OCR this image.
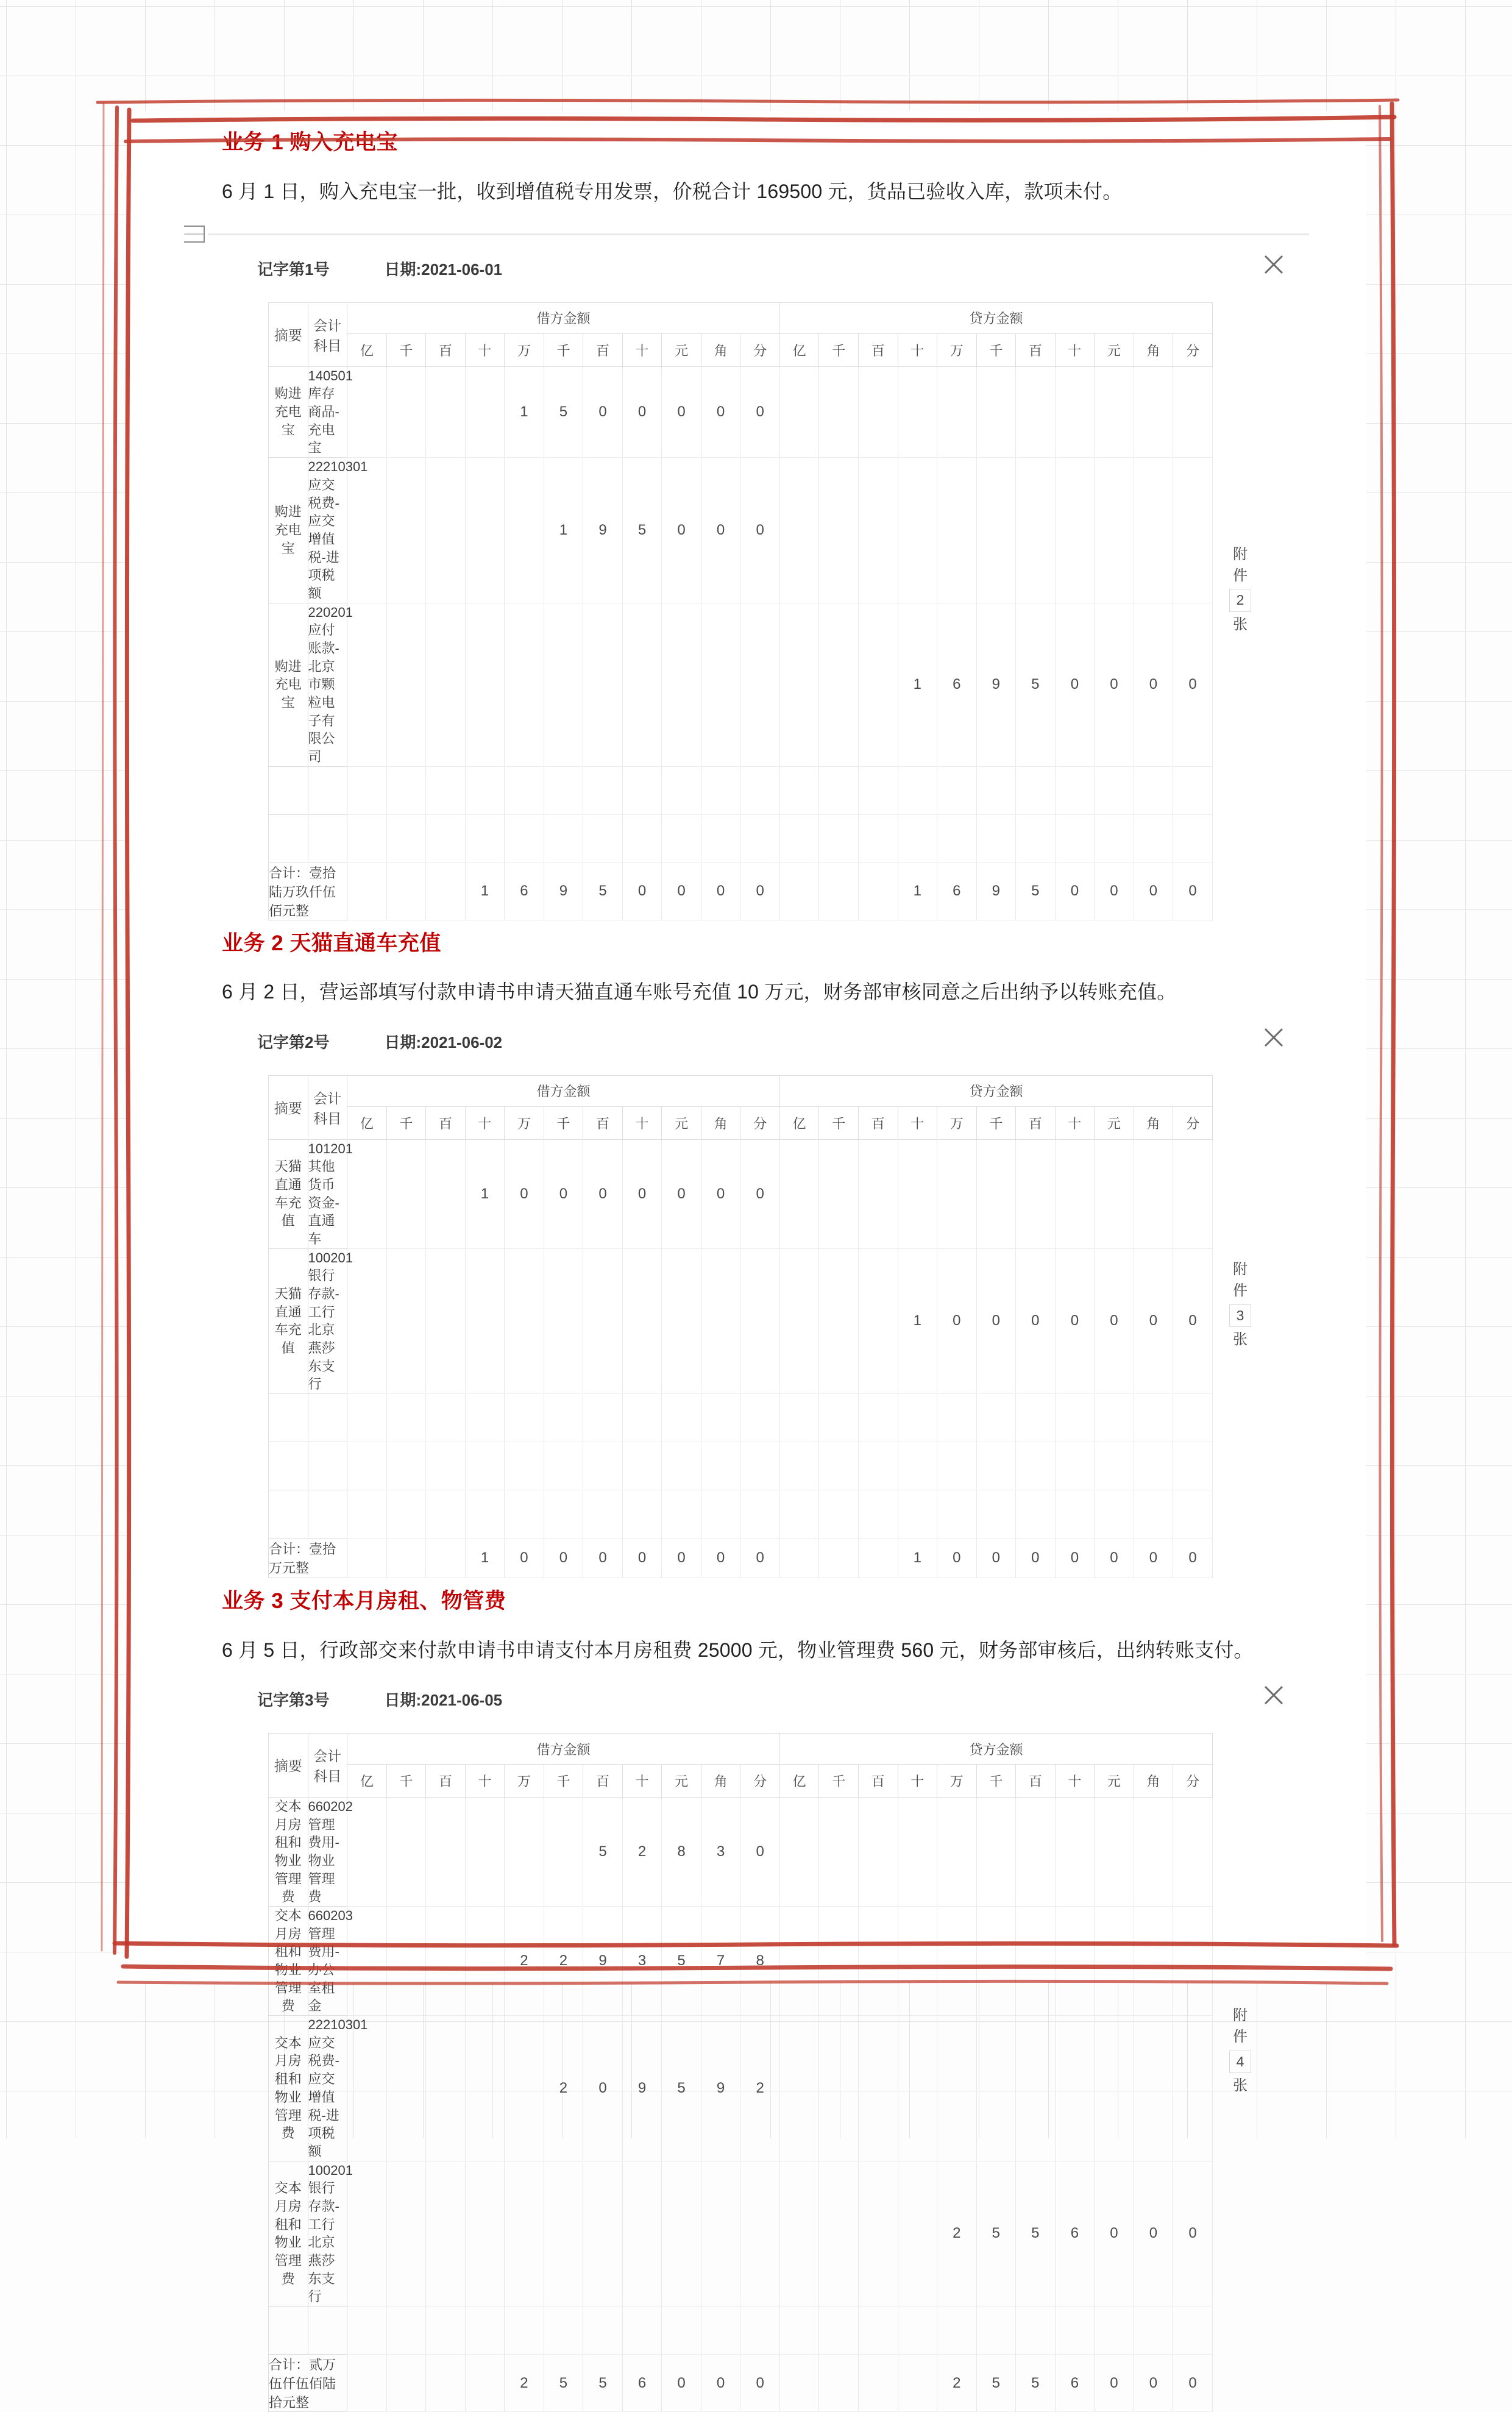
业务 1 购入充电宝
6 月 1 日，购入充电宝一批，收到增值税专用发票，价税合计 169500 元，货品已验收入库，款项未付。
记字第1号	日期:2021-06-01
摘要	会计科目	借方金额											贷方金额										
		亿	千	百	十	万	千	百	十	元	角	分	亿	千	百	十	万	千	百	十	元	角	分
购进充电宝	140501库存商品-充电宝					1	5	0	0	0	0	0											
购进充电宝	22210301应交税费-应交增值税-进项税额						1	9	5	0	0	0											
购进充电宝	220201应付账款-北京市颗粒电子有限公司															1	6	9	5	0	0	0	0

合计：壹拾陆万玖仟伍佰元整					1	6	9	5	0	0	0	0				1	6	9	5	0	0	0	0
附
件
2
张
业务 2 天猫直通车充值
6 月 2 日，营运部填写付款申请书申请天猫直通车账号充值 10 万元，财务部审核同意之后出纳予以转账充值。
记字第2号	日期:2021-06-02
摘要	会计科目	借方金额											贷方金额										
		亿	千	百	十	万	千	百	十	元	角	分	亿	千	百	十	万	千	百	十	元	角	分
天猫直通车充值	101201其他货币资金-直通车				1	0	0	0	0	0	0	0											
天猫直通车充值	100201银行存款-工行北京燕莎东支行															1	0	0	0	0	0	0	0

合计：壹拾万元整					1	0	0	0	0	0	0	0				1	0	0	0	0	0	0	0
附
件
3
张
业务 3 支付本月房租、物管费
6 月 5 日，行政部交来付款申请书申请支付本月房租费 25000 元，物业管理费 560 元，财务部审核后，出纳转账支付。
记字第3号	日期:2021-06-05
摘要	会计科目	借方金额											贷方金额										
		亿	千	百	十	万	千	百	十	元	角	分	亿	千	百	十	万	千	百	十	元	角	分
交本月房租和物业管理费	660202管理费用-物业管理费							5	2	8	3	0											
交本月房租和物业管理费	660203管理费用-办公室租金					2	2	9	3	5	7	8											
交本月房租和物业管理费	22210301应交税费-应交增值税-进项税额						2	0	9	5	9	2											
交本月房租和物业管理费	100201银行存款-工行北京燕莎东支行																2	5	5	6	0	0	0

合计：贰万伍仟伍佰陆拾元整						2	5	5	6	0	0	0					2	5	5	6	0	0	0
附
件
4
张
